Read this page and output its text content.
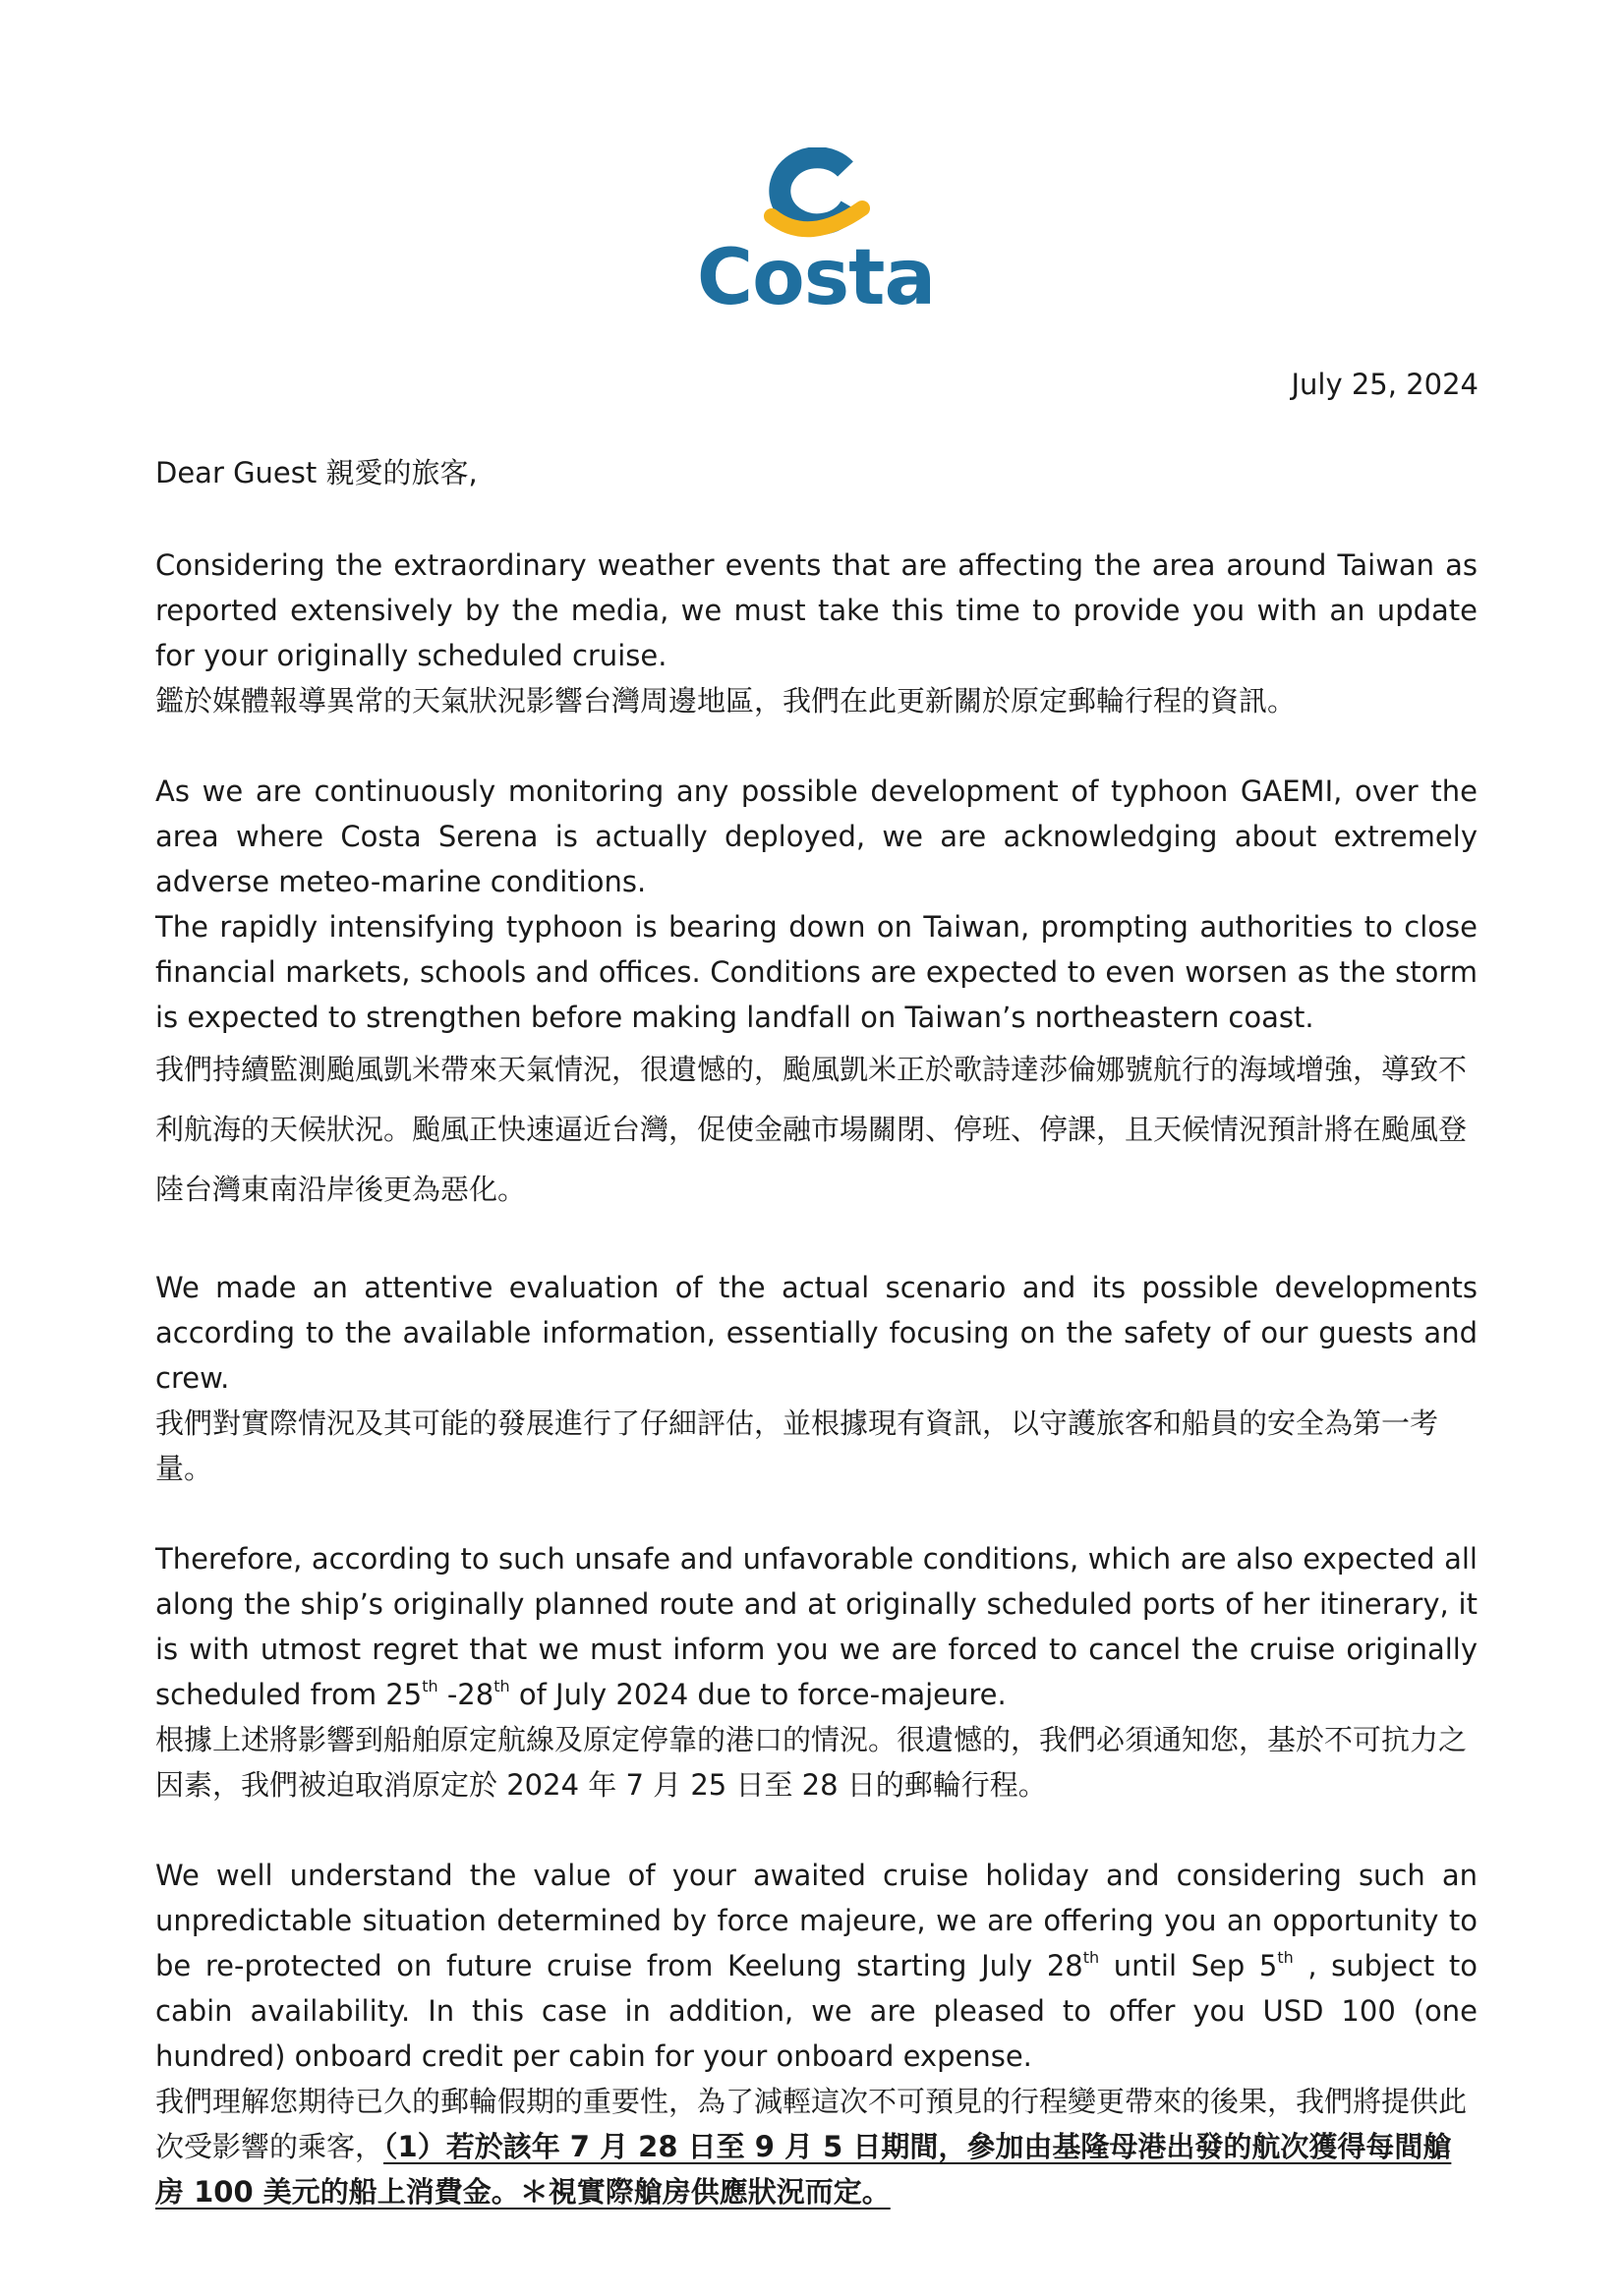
Costa
July 25, 2024

Dear Guest 親愛的旅客,

Considering the extraordinary weather events that are affecting the area around Taiwan as reported extensively by the media, we must take this time to provide you with an update for your originally scheduled cruise.

鑑於媒體報導異常的天氣狀況影響台灣周邊地區，我們在此更新關於原定郵輪行程的資訊。

As we are continuously monitoring any possible development of typhoon GAEMI, over the area where Costa Serena is actually deployed, we are acknowledging about extremely adverse meteo-marine conditions.

The rapidly intensifying typhoon is bearing down on Taiwan, prompting authorities to close financial markets, schools and offices. Conditions are expected to even worsen as the storm is expected to strengthen before making landfall on Taiwan’s northeastern coast.

我們持續監測颱風凱米帶來天氣情況，很遺憾的，颱風凱米正於歌詩達莎倫娜號航行的海域增強，導致不利航海的天候狀況。颱風正快速逼近台灣，促使金融市場關閉、停班、停課，且天候情況預計將在颱風登陸台灣東南沿岸後更為惡化。

We made an attentive evaluation of the actual scenario and its possible developments according to the available information, essentially focusing on the safety of our guests and crew.

我們對實際情況及其可能的發展進行了仔細評估，並根據現有資訊，以守護旅客和船員的安全為第一考量。

Therefore, according to such unsafe and unfavorable conditions, which are also expected all along the ship’s originally planned route and at originally scheduled ports of her itinerary, it is with utmost regret that we must inform you we are forced to cancel the cruise originally scheduled from 25th -28th of July 2024 due to force-majeure.

根據上述將影響到船舶原定航線及原定停靠的港口的情況。很遺憾的，我們必須通知您，基於不可抗力之因素，我們被迫取消原定於 2024 年 7 月 25 日至 28 日的郵輪行程。

We well understand the value of your awaited cruise holiday and considering such an unpredictable situation determined by force majeure, we are offering you an opportunity to be re-protected on future cruise from Keelung starting July 28th until Sep 5th , subject to cabin availability. In this case in addition, we are pleased to offer you USD 100 (one hundred) onboard credit per cabin for your onboard expense.

我們理解您期待已久的郵輪假期的重要性，為了減輕這次不可預見的行程變更帶來的後果，我們將提供此次受影響的乘客，（1）若於該年 7 月 28 日至 9 月 5 日期間，參加由基隆母港出發的航次獲得每間艙房 100 美元的船上消費金。＊視實際艙房供應狀況而定。
